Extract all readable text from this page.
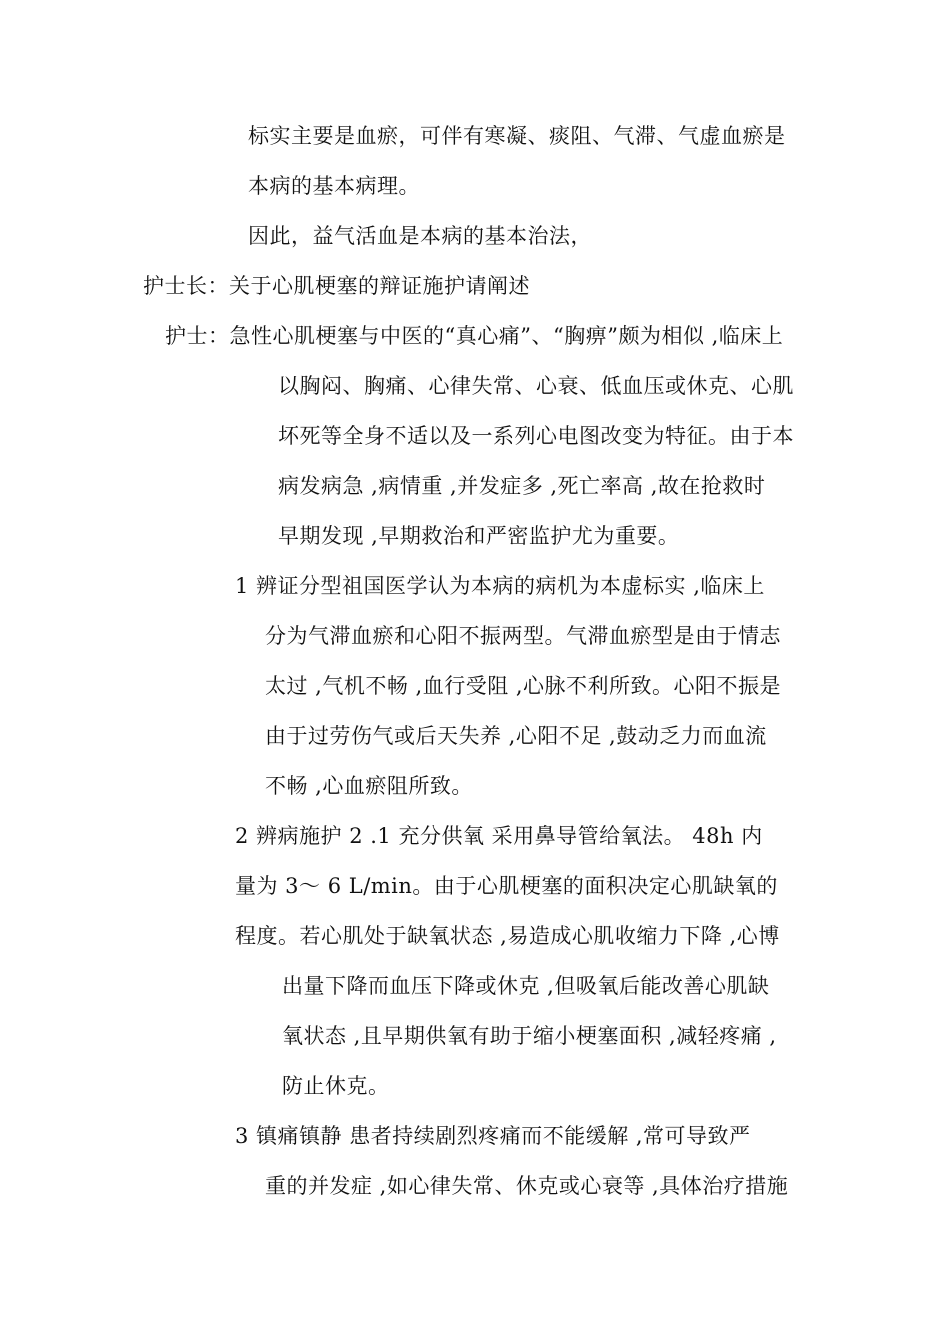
标实主要是血瘀，可伴有寒凝、痰阻、气滞、气虚血瘀是
本病的基本病理。
因此，益气活血是本病的基本治法，
护士长：关于心肌梗塞的辩证施护请阐述
护士：急性心肌梗塞与中医的“真心痛”、“胸痹”颇为相似 ,临床上
以胸闷、胸痛、心律失常、心衰、低血压或休克、心肌
坏死等全身不适以及一系列心电图改变为特征。由于本
病发病急 ,病情重 ,并发症多 ,死亡率高 ,故在抢救时
早期发现 ,早期救治和严密监护尤为重要。
1 辨证分型祖国医学认为本病的病机为本虚标实 ,临床上
分为气滞血瘀和心阳不振两型。气滞血瘀型是由于情志
太过 ,气机不畅 ,血行受阻 ,心脉不利所致。心阳不振是
由于过劳伤气或后天失养 ,心阳不足 ,鼓动乏力而血流
不畅 ,心血瘀阻所致。
2 辨病施护 2 .1 充分供氧 采用鼻导管给氧法。 48h 内
量为 3～ 6 L/min。由于心肌梗塞的面积决定心肌缺氧的
程度。若心肌处于缺氧状态 ,易造成心肌收缩力下降 ,心博
出量下降而血压下降或休克 ,但吸氧后能改善心肌缺
氧状态 ,且早期供氧有助于缩小梗塞面积 ,减轻疼痛 ,
防止休克。
3 镇痛镇静 患者持续剧烈疼痛而不能缓解 ,常可导致严
重的并发症 ,如心律失常、休克或心衰等 ,具体治疗措施
